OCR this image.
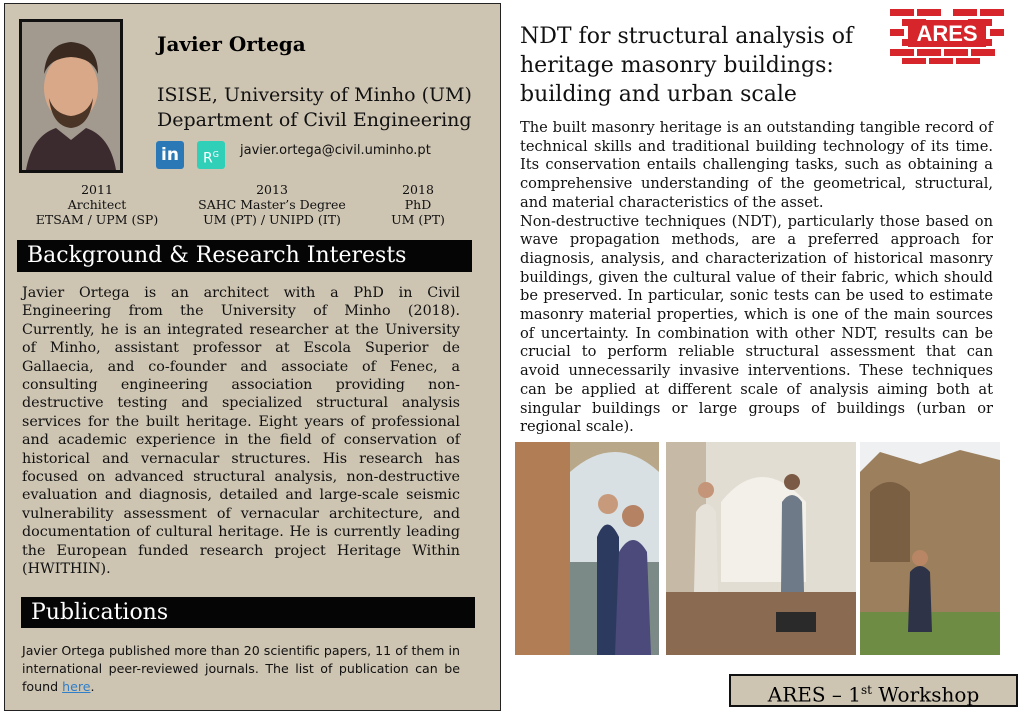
Javier Ortega
ISISE, University of Minho (UM)
Department of Civil Engineering
in	$R^G$	javier.ortega@civil.uminho.pt
2011
Architect
ETSAM / UPM (SP)
2013
SAHC Master’s Degree
UM (PT) / UNIPD (IT)
2018
PhD
UM (PT)
Background & Research Interests
Javier Ortega is an architect with a PhD in Civil Engineering from the University of Minho (2018). Currently, he is an integrated researcher at the University of Minho, assistant professor at Escola Superior de Gallaecia, and co-founder and associate of Fenec, a consulting engineering association providing non-destructive testing and specialized structural analysis services for the built heritage. Eight years of professional and academic experience in the field of conservation of historical and vernacular structures. His research has focused on advanced structural analysis, non-destructive evaluation and diagnosis, detailed and large-scale seismic vulnerability assessment of vernacular architecture, and documentation of cultural heritage. He is currently leading the European funded research project Heritage Within (HWITHIN).
Publications
Javier Ortega published more than 20 scientific papers, 11 of them in international peer-reviewed journals. The list of publication can be found here.
NDT for structural analysis of heritage masonry buildings: building and urban scale
ARES

The built masonry heritage is an outstanding tangible record of technical skills and traditional building technology of its time. Its conservation entails challenging tasks, such as obtaining a comprehensive understanding of the geometrical, structural, and material characteristics of the asset.

Non-destructive techniques (NDT), particularly those based on wave propagation methods, are a preferred approach for diagnosis, analysis, and characterization of historical masonry buildings, given the cultural value of their fabric, which should be preserved. In particular, sonic tests can be used to estimate masonry material properties, which is one of the main sources of uncertainty. In combination with other NDT, results can be crucial to perform reliable structural assessment that can avoid unnecessarily invasive interventions. These techniques can be applied at different scale of analysis aiming both at singular buildings or large groups of buildings (urban or regional scale).

ARES – 1st Workshop
